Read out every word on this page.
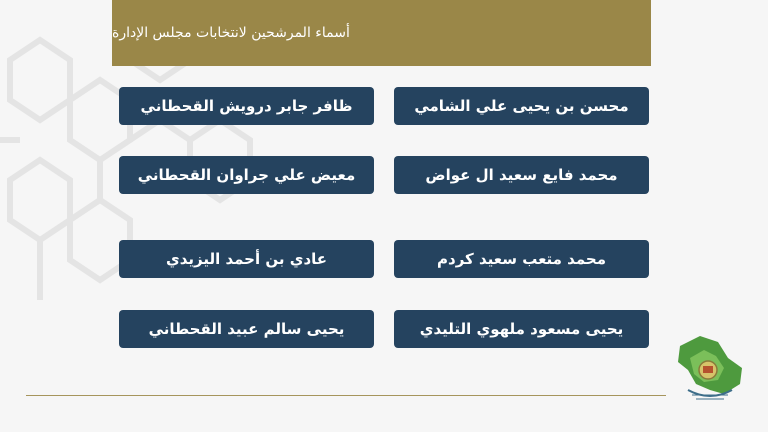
أسماء المرشحين لانتخابات مجلس الإدارة
محسن بن يحيى علي الشامي
ظافر جابر درويش القحطاني
محمد فايع سعيد ال عواض
معيض علي جراوان القحطاني
محمد متعب سعيد كردم
عادي بن أحمد اليزيدي
يحيى مسعود ملهوي التليدي
يحيى سالم عبيد القحطاني
